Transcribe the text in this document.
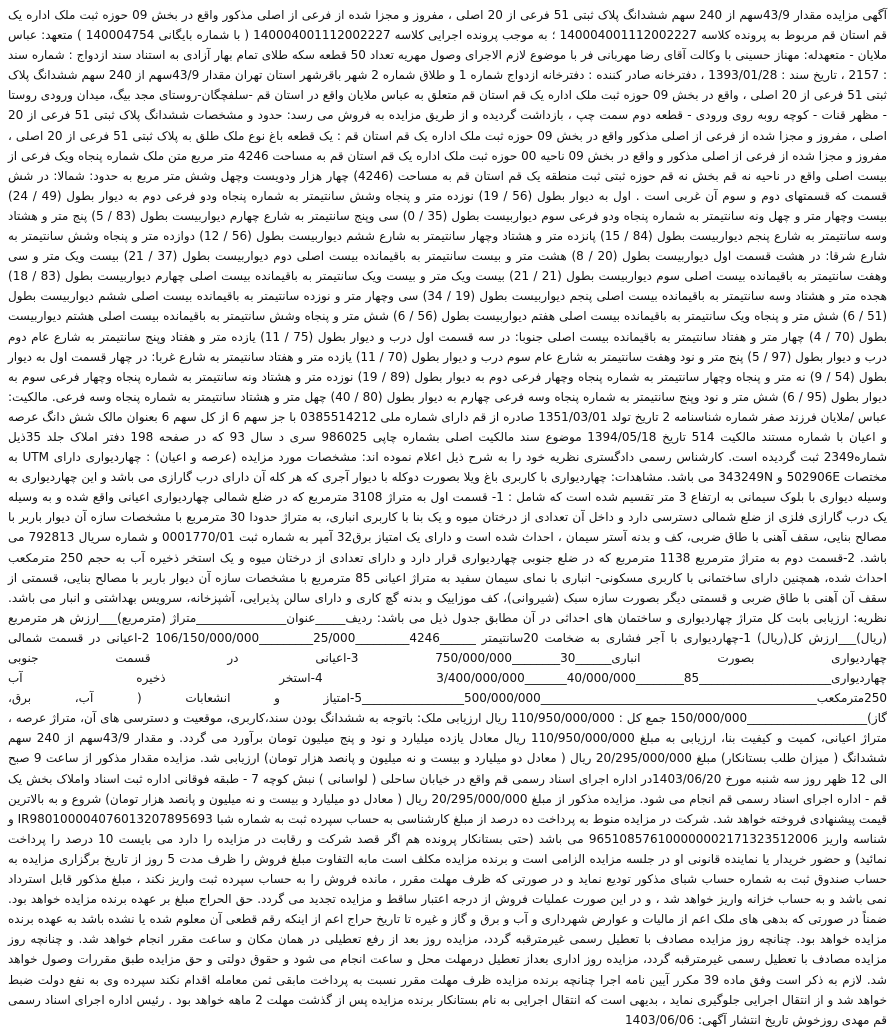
آگهی مزایده مقدار 43/9سهم از 240 سهم ششدانگ پلاک ثبتی 51 فرعی از 20 اصلی ، مفروز و مجزا شده از فرعی از اصلی مذکور واقع در بخش 09 حوزه ثبت ملک اداره یک قم استان قم مربوط به پرونده کلاسه 140004001112002227 ؛ به موجب پرونده اجرایی کلاسه 140004001112002227 ( با شماره بایگانی 140004754 ) متعهد: عباس ملایان - متعهدله: مهناز حسینی با وکالت آقای رضا مهربانی فر با موضوع لازم الاجرای وصول مهریه تعداد 50 قطعه سکه طلای تمام بهار آزادی به استناد سند ازدواج : شماره سند : 2157 ، تاریخ سند : 1393/01/28 ، دفترخانه صادر کننده : دفترخانه ازدواج شماره 1 و طلاق شماره 2 شهر باقرشهر استان تهران مقدار 43/9سهم از 240 سهم ششدانگ پلاک ثبتی 51 فرعی از 20 اصلی ، واقع در بخش 09 حوزه ثبت ملک اداره یک قم استان قم متعلق به عباس ملایان واقع در استان قم -سلفچگان-روستای مجد بیگ، میدان ورودی روستا - مظهر قنات - کوچه روبه روی ورودی - قطعه دوم سمت چپ ، بازداشت گردیده و از طریق مزایده به فروش می رسد: حدود و مشخصات ششدانگ پلاک ثبتی 51 فرعی از 20 اصلی ، مفروز و مجزا شده از فرعی از اصلی مذکور واقع در بخش 09 حوزه ثبت ملک اداره یک قم استان قم : یک قطعه باغ نوع ملک طلق به پلاک ثبتی 51 فرعی از 20 اصلی ، مفروز و مجزا شده از فرعی از اصلی مذکور و واقع در بخش 09 ناحیه 00 حوزه ثبت ملک اداره یک قم استان قم به مساحت 4246 متر مربع متن ملک شماره پنجاه ویک فرعی از بیست اصلی واقع در ناحیه نه قم بخش نه قم حوزه ثبتی ثبت منطقه یک قم استان قم به مساحت (4246) چهار هزار ودویست وچهل وشش متر مربع به حدود: شمالا: در شش قسمت که قسمتهای دوم و سوم آن غربی است . اول به دیوار بطول (56 / 19) نوزده متر و پنجاه وشش سانتیمتر به شماره پنجاه ودو فرعی دوم به دیوار بطول (49 / 24) بیست وچهار متر و چهل ونه سانتیمتر به شماره پنجاه ودو فرعی سوم دیواربیست بطول (35 / 0) سی وپنج سانتیمتر به شارع چهارم دیواربیست بطول (83 / 5) پنج متر و هشتاد وسه سانتیمتر به شارع پنجم دیواربیست بطول (84 / 15) پانزده متر و هشتاد وچهار سانتیمتر به شارع ششم دیواربیست بطول (56 / 12) دوازده متر و پنجاه وشش سانتیمتر به شارع شرقا: در هشت قسمت اول دیواربیست بطول (20 / 8) هشت متر و بیست سانتیمتر به باقیمانده بیست اصلی دوم دیواربیست بطول (37 / 21) بیست ویک متر و سی وهفت سانتیمتر به باقیمانده بیست اصلی سوم دیواربیست بطول (21 / 21) بیست ویک متر و بیست ویک سانتیمتر به باقیمانده بیست اصلی چهارم دیواربیست بطول (83 / 18) هجده متر و هشتاد وسه سانتیمتر به باقیمانده بیست اصلی پنجم دیواربیست بطول (19 / 34) سی وچهار متر و نوزده سانتیمتر به باقیمانده بیست اصلی ششم دیواربیست بطول (51 / 6) شش متر و پنجاه ویک سانتیمتر به باقیمانده بیست اصلی هفتم دیواربیست بطول (56 / 6) شش متر و پنجاه وشش سانتیمتر به باقیمانده بیست اصلی هشتم دیواربیست بطول (70 / 4) چهار متر و هفتاد سانتیمتر به باقیمانده بیست اصلی جنوبا: در سه قسمت اول درب و دیوار بطول (75 / 11) یازده متر و هفتاد وپنج سانتیمتر به شارع عام دوم درب و دیوار بطول (97 / 5) پنج متر و نود وهفت سانتیمتر به شارع عام سوم درب و دیوار بطول (70 / 11) یازده متر و هفتاد سانتیمتر به شارع غربا: در چهار قسمت اول به دیوار بطول (54 / 9) نه متر و پنجاه وچهار سانتیمتر به شماره پنجاه وچهار فرعی دوم به دیوار بطول (89 / 19) نوزده متر و هشتاد ونه سانتیمتر به شماره پنجاه وچهار فرعی سوم به دیوار بطول (95 / 6) شش متر و نود وپنج سانتیمتر به شماره پنجاه وسه فرعی چهارم به دیوار بطول (80 / 40) چهل متر و هشتاد سانتیمتر به شماره پنجاه وسه فرعی. مالکیت: عباس /ملایان فرزند صفر شماره شناسنامه 2 تاریخ تولد 1351/03/01 صادره از قم دارای شماره ملی 0385514212 با جز سهم 6 از کل سهم 6 بعنوان مالک شش دانگ عرصه و اعیان با شماره مستند مالکیت 514 تاریخ 1394/05/18 موضوع سند مالکیت اصلی بشماره چاپی 986025 سری د سال 93 که در صفحه 198 دفتر املاک جلد 35ذیل شماره2349 ثبت گردیده است. کارشناس رسمی دادگستری نظریه خود را به شرح ذیل اعلام نموده اند: مشخصات مورد مزایده (عرصه و اعیان) : چهاردیواری دارای UTM به مختصات 502906E و 343249N می باشد. مشاهدات: چهاردیواری با کاربری باغ ویلا بصورت دوکله با دیوار آجری که هر کله آن دارای درب گارازی می باشد و این چهاردیواری به وسیله دیواری با بلوک سیمانی به ارتفاع 3 متر تقسیم شده است که شامل : 1- قسمت اول به متراژ 3108 مترمربع که در ضلع شمالی چهاردیواری اعیانی واقع شده و به وسیله یک درب گارازی فلزی از ضلع شمالی دسترسی دارد و داخل آن تعدادی از درختان میوه و یک بنا با کاربری انباری، به متراژ حدودا 30 مترمربع با مشخصات سازه آن دیوار باربر با مصالح بنایی، سقف آهنی با طاق ضربی، کف و بدنه آستر سیمان ، احداث شده است و دارای یک امتیاز برق32 آمپر به شماره ثبت 0001770/01 و شماره سریال 792813 می باشد. 2-قسمت دوم به متراژ مترمربع 1138 مترمربع که در ضلع جنوبی چهاردیواری قرار دارد و دارای تعدادی از درختان میوه و یک استخر ذخیره آب به حجم 250 مترمکعب احداث شده، همچنین دارای ساختمانی با کاربری مسکونی- انباری با نمای سیمان سفید به متراژ اعیانی 85 مترمربع با مشخصات سازه آن دیوار باربر با مصالح بنایی، قسمتی از سقف آن آهنی با طاق ضربی و قسمتی دیگر بصورت سازه سبک (شیروانی)، کف موزاییک و بدنه گچ کاری و دارای سالن پذیرایی، آشپزخانه، سرویس بهداشتی و انبار می باشد. نظریه: ارزیابی بابت کل متراژ چهاردیواری و ساختمان های احداثی در آن مطابق جدول ذیل می باشد: ردیف_____عنوان_______________متراژ (مترمربع)___ارزش هر مترمربع (ریال)___ارزش کل(ریال) 1-چهاردیواری با آجر فشاری به ضخامت 20سانتیمتر ______4246_________25/000_________106/150/000/000 2-اعیانی در قسمت شمالی چهاردیواری بصورت انباری______30________750/000/000 3-اعیانی در قسمت جنوبی چهاردیواری______________________85________40/000/000_______3/400/000/000 4-استخر ذخیره آب 250مترمکعب______________________________________________500/000/000_________________5-امتیاز و انشعابات ( آب، برق، گاز)____________________150/000/000 جمع کل : 110/950/000/000 ریال ارزیابی ملک: باتوجه به ششدانگ بودن سند،کاربری، موقعیت و دسترسی های آن، متراژ عرصه ، متراژ اعیانی، کمیت و کیفیت بنا، ارزیابی به مبلغ 110/950/000/000 ریال معادل یازده میلیارد و نود و پنج میلیون تومان برآورد می گردد. و مقدار 43/9سهم از 240 سهم ششدانگ ( میزان طلب بستانکار) مبلغ 20/295/000/000 ریال ( معادل دو میلیارد و بیست و نه میلیون و پانصد هزار تومان) ارزیابی شد. مزایده مقدار مذکور از ساعت 9 صبح الی 12 ظهر روز سه شنبه مورخ 1403/06/20در اداره اجرای اسناد رسمی قم واقع در خیابان ساحلی ( لواسانی ) نبش کوچه 7 - طبقه فوقانی اداره ثبت اسناد واملاک بخش یک قم - اداره اجرای اسناد رسمی قم انجام می شود. مزایده مذکور از مبلغ 20/295/000/000 ریال ( معادل دو میلیارد و بیست و نه میلیون و پانصد هزار تومان) شروع و به بالاترین قیمت پیشنهادی فروخته خواهد شد. شرکت در مزایده منوط به پرداخت ده درصد از مبلغ کارشناسی به حساب سپرده ثبت به شماره شبا IR980100004076013207895693 و شناسه واریز 965108576100000002171323512006 می باشد (حتی بستانکار پرونده هم اگر قصد شرکت و رقابت در مزایده را دارد می بایست 10 درصد را پرداخت نمائید) و حضور خریدار یا نماینده قانونی او در جلسه مزایده الزامی است و برنده مزایده مکلف است مابه التفاوت مبلغ فروش را ظرف مدت 5 روز از تاریخ برگزاری مزایده به حساب صندوق ثبت به شماره حساب شبای مذکور تودیع نماید و در صورتی که ظرف مهلت مقرر ، مانده فروش را به حساب سپرده ثبت واریز نکند ، مبلغ مذکور قابل استرداد نمی باشد و به حساب خزانه واریز خواهد شد ، و در این صورت عملیات فروش از درجه اعتبار ساقط و مزایده تجدید می گردد. حق الحراج مبلغ بر عهده برنده مزایده خواهد بود. ضمناً در صورتی که بدهی های ملک اعم از مالیات و عوارض شهرداری و آب و برق و گاز و غیره تا تاریخ حراج اعم از اینکه رقم قطعی آن معلوم شده یا نشده باشد به عهده برنده مزایده خواهد بود. چنانچه روز مزایده مصادف با تعطیل رسمی غیرمترقبه گردد، مزایده روز بعد از رفع تعطیلی در همان مکان و ساعت مقرر انجام خواهد شد. و چنانچه روز مزایده مصادف با تعطیل رسمی غیرمترقبه گردد، مزایده روز اداری بعداز تعطیل درمهلت محل و ساعت انجام می شود و حقوق دولتی و حق مزایده طبق مقررات وصول خواهد شد. لازم به ذکر است وفق ماده 39 مکرر آیین نامه اجرا چنانچه برنده مزایده ظرف مهلت مقرر نسبت به پرداخت مابقی ثمن معامله اقدام نکند سپرده وی به نفع دولت ضبط خواهد شد و از انتقال اجرایی جلوگیری نماید ، بدیهی است که انتقال اجرایی به نام بستانکار برنده مزایده پس از گذشت مهلت 2 ماهه خواهد بود . رئیس اداره اجرای اسناد رسمی قم مهدی روزخوش تاریخ انتشار آگهی: 1403/06/06
